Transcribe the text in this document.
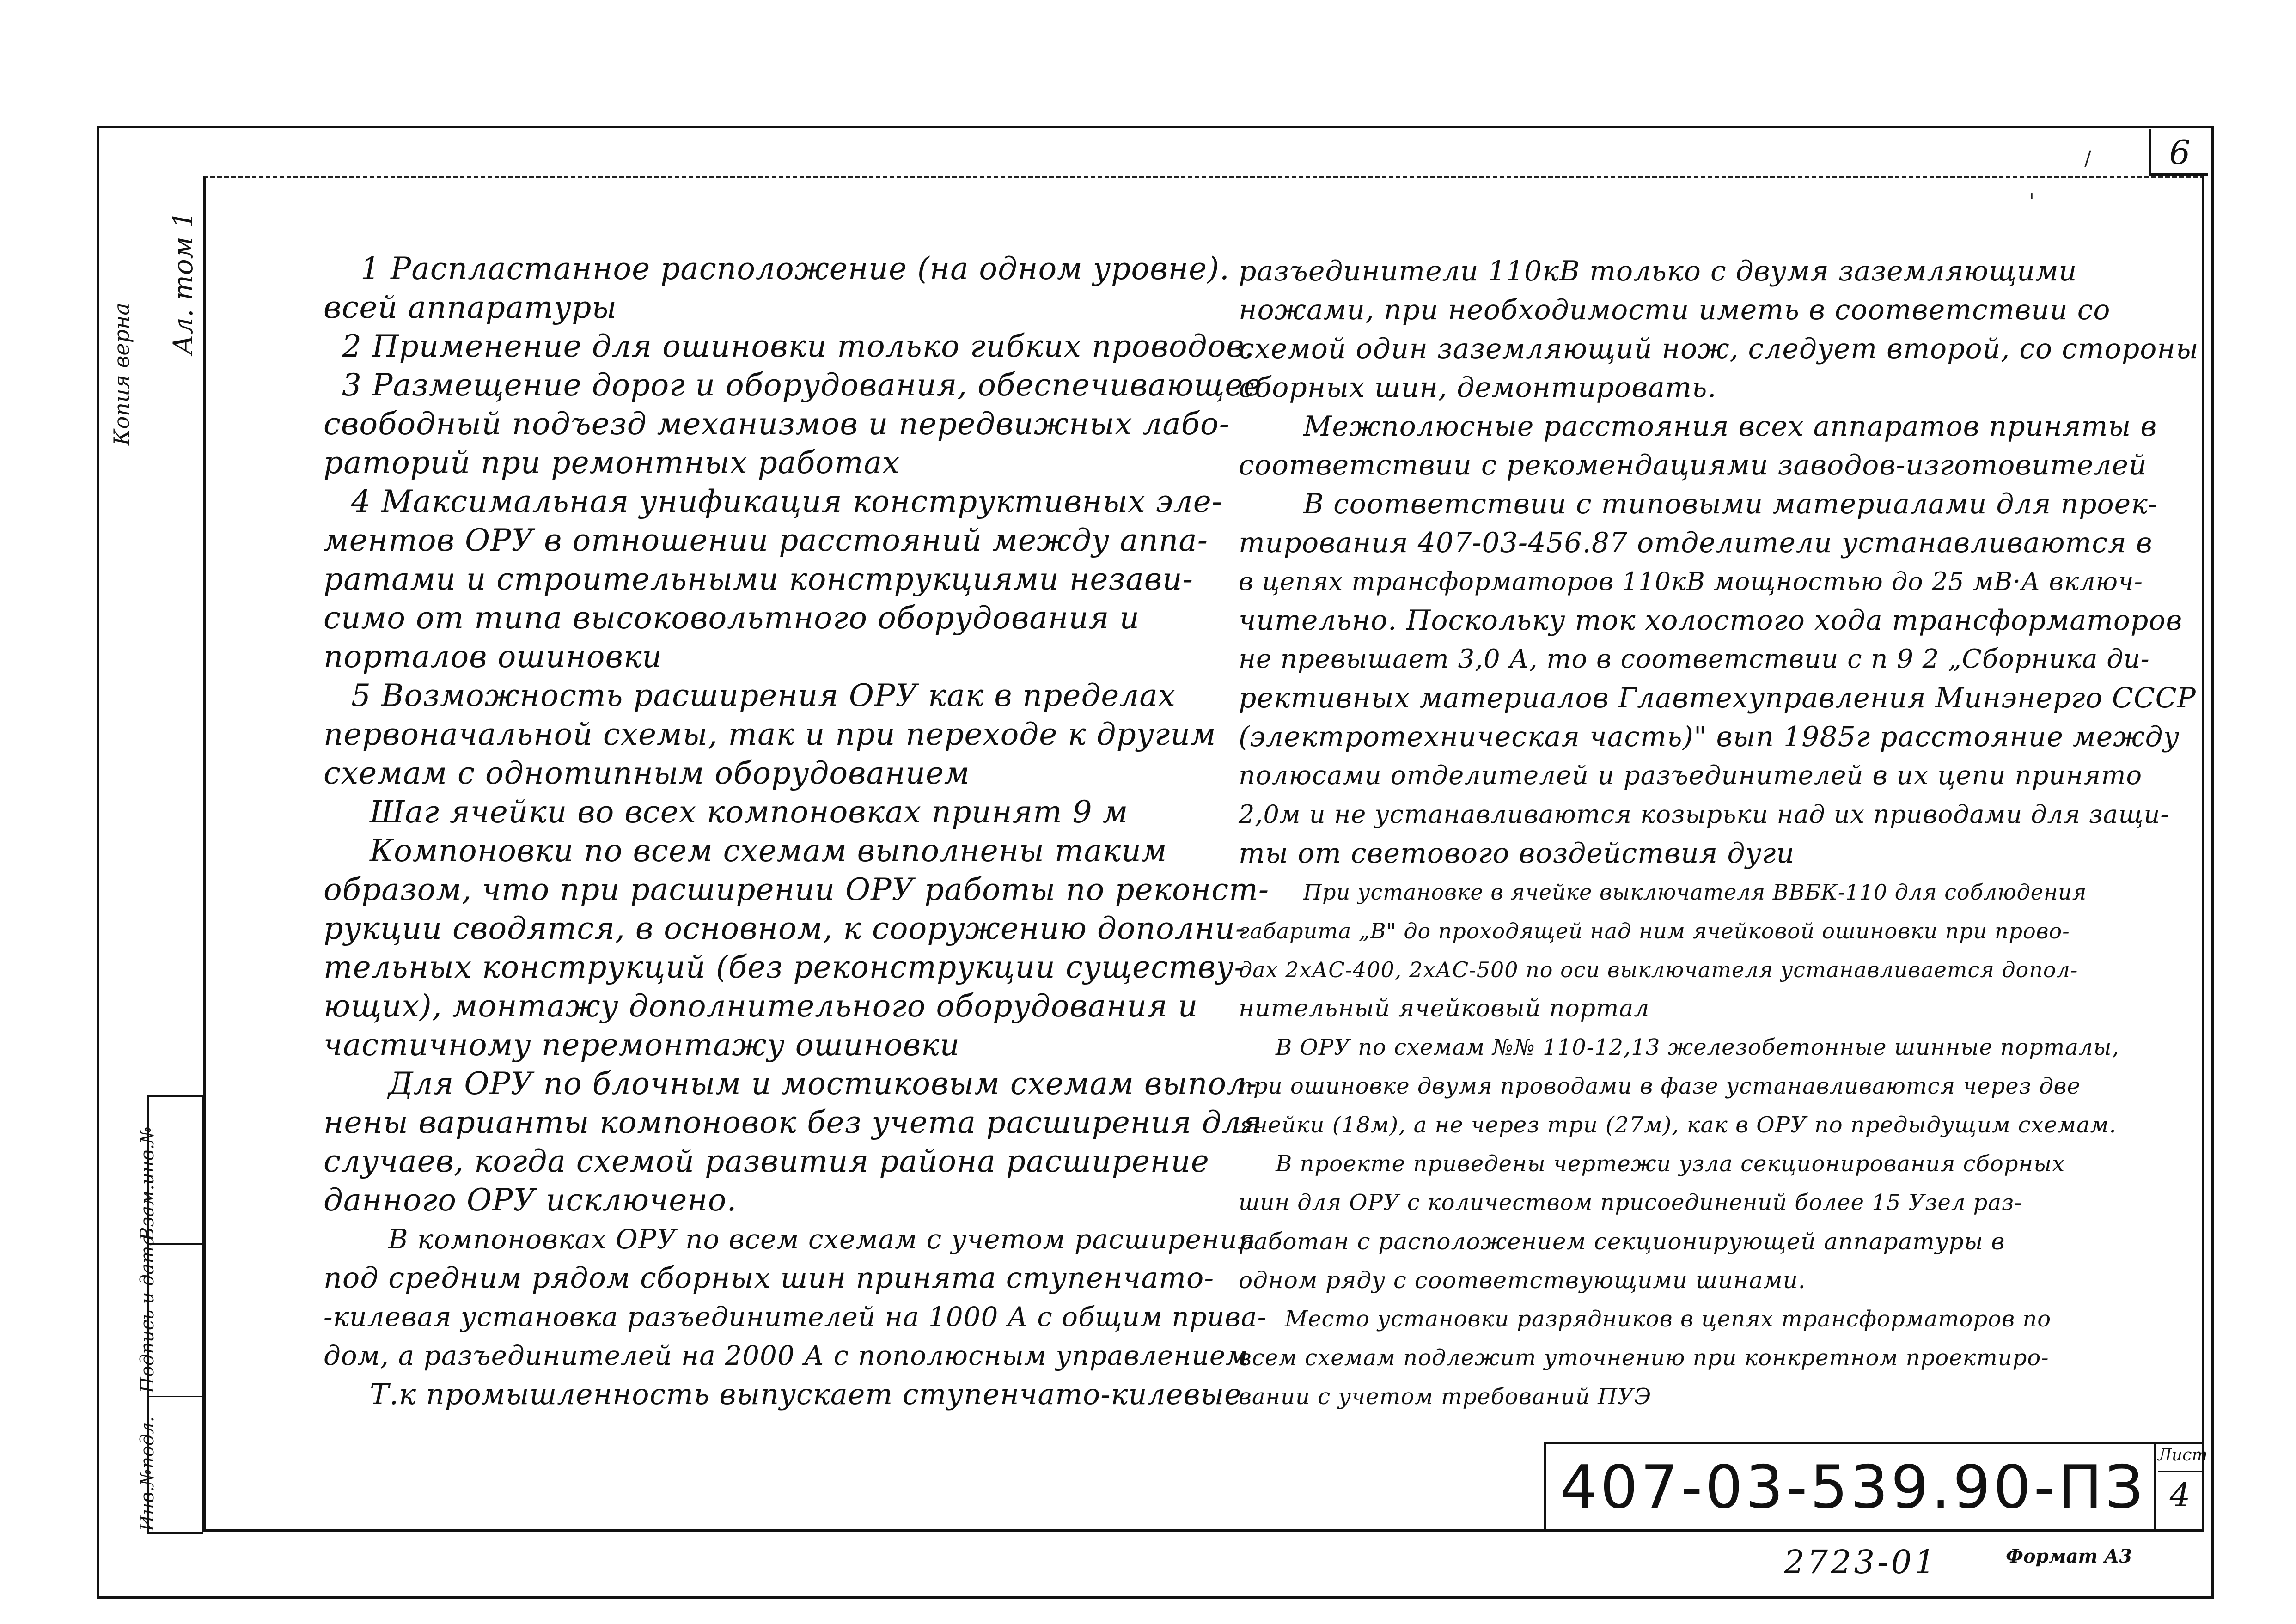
6
/
'
Копия верна
Ал. том 1
Взам.инв.№
Подпись и дата
Инв.№подл.

1 Распластанное расположение (на одном уровне).

всей аппаратуры

2 Применение для ошиновки только гибких проводов.

3 Размещение дорог и оборудования, обеспечивающее

свободный подъезд механизмов и передвижных лабо-

раторий при ремонтных работах

4 Максимальная унификация конструктивных эле-

ментов ОРУ в отношении расстояний между аппа-

ратами и строительными конструкциями незави-

симо от типа высоковольтного оборудования и

порталов ошиновки

5 Возможность расширения ОРУ как в пределах

первоначальной схемы, так и при переходе к другим

схемам с однотипным оборудованием

Шаг ячейки во всех компоновках принят 9 м

Компоновки по всем схемам выполнены таким

образом, что при расширении ОРУ работы по реконст-

рукции сводятся, в основном, к сооружению дополни-

тельных конструкций (без реконструкции существу-

ющих), монтажу дополнительного оборудования и

частичному перемонтажу ошиновки

Для ОРУ по блочным и мостиковым схемам выпол-

нены варианты компоновок без учета расширения для

случаев, когда схемой развития района расширение

данного ОРУ исключено.

В компоновках ОРУ по всем схемам с учетом расширения

под средним рядом сборных шин принята ступенчато-

-килевая установка разъединителей на 1000 А с общим прива-

дом, а разъединителей на 2000 А с пополюсным управлением

Т.к промышленность выпускает ступенчато-килевые

разъединители 110кВ только с двумя заземляющими

ножами, при необходимости иметь в соответствии со

схемой один заземляющий нож, следует второй, со стороны

сборных шин, демонтировать.

Межполюсные расстояния всех аппаратов приняты в

соответствии с рекомендациями заводов-изготовителей

В соответствии с типовыми материалами для проек-

тирования 407-03-456.87 отделители устанавливаются в

в цепях трансформаторов 110кВ мощностью до 25 мВ·А включ-

чительно. Поскольку ток холостого хода трансформаторов

не превышает 3,0 А, то в соответствии с п 9 2 „Сборника ди-

рективных материалов Главтехуправления Минэнерго СССР

(электротехническая часть)" вып 1985г расстояние между

полюсами отделителей и разъединителей в их цепи принято

2,0м и не устанавливаются козырьки над их приводами для защи-

ты от светового воздействия дуги

При установке в ячейке выключателя ВВБК-110 для соблюдения

габарита „В" до проходящей над ним ячейковой ошиновки при прово-

дах 2хАС-400, 2хАС-500 по оси выключателя устанавливается допол-

нительный ячейковый портал

В ОРУ по схемам №№ 110-12,13 железобетонные шинные порталы,

при ошиновке двумя проводами в фазе устанавливаются через две

ячейки (18м), а не через три (27м), как в ОРУ по предыдущим схемам.

В проекте приведены чертежи узла секционирования сборных

шин для ОРУ с количеством присоединений более 15 Узел раз-

работан с расположением секционирующей аппаратуры в

одном ряду с соответствующими шинами.

Место установки разрядников в цепях трансформаторов по

всем схемам подлежит уточнению при конкретном проектиро-

вании с учетом требований ПУЭ

407-03-539.90-ПЗ Лист
4
2723-01	Формат А3
